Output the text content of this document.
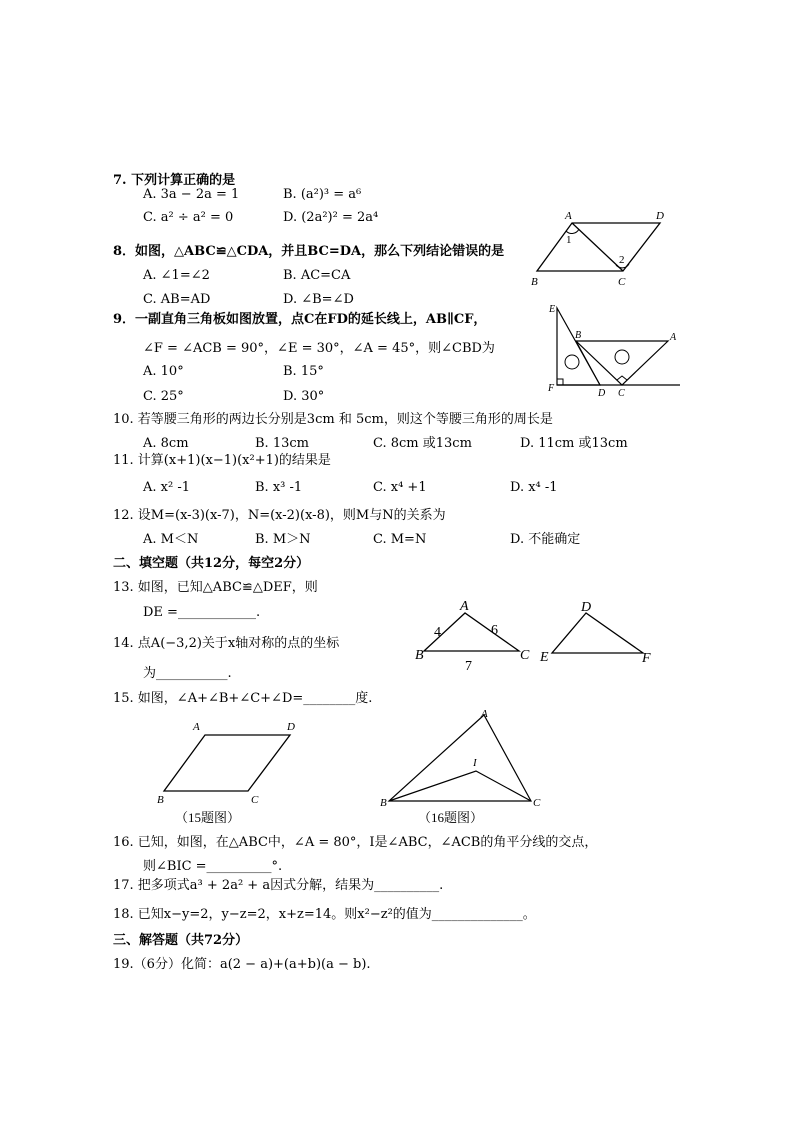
7. 下列计算正确的是
A. 3a − 2a = 1	B. (a²)³ = a⁶
C. a² ÷ a² = 0	D. (2a²)² = 2a⁴
8．如图，△ABC≌△CDA，并且BC=DA，那么下列结论错误的是
A. ∠1=∠2	B. AC=CA
C. AB=AD	D. ∠B=∠D
A	D
B	C
1
2
9．一副直角三角板如图放置，点C在FD的延长线上，AB∥CF，
∠F = ∠ACB = 90°，∠E = 30°，∠A = 45°，则∠CBD为
A. 10°	B. 15°
C. 25°	D. 30°
E
B	A
F	D C
10. 若等腰三角形的两边长分别是3cm 和 5cm，则这个等腰三角形的周长是
A. 8cm	B. 13cm	C. 8cm 或13cm	D. 11cm 或13cm
11. 计算(x+1)(x−1)(x²+1)的结果是
A. x² -1	B. x³ -1	C. x⁴ +1	D. x⁴ -1
12. 设M=(x-3)(x-7)，N=(x-2)(x-8)，则M与N的关系为
A. M＜N	B. M＞N	C. M=N	D. 不能确定
二、填空题（共12分，每空2分）
13. 如图，已知△ABC≌△DEF，则
DE =____________.	A
B	C
4	6
7
D
E	F
14. 点A(−3,2)关于x轴对称的点的坐标
为___________.
15. 如图，∠A+∠B+∠C+∠D=________度.
A	D
B	C
（15题图）
A
I
B	C
（16题图）
16. 已知，如图，在△ABC中，∠A = 80°，I是∠ABC，∠ACB的角平分线的交点，
则∠BIC =__________°.
17. 把多项式a³ + 2a² + a因式分解，结果为__________.
18. 已知x−y=2，y−z=2，x+z=14。则x²−z²的值为______________。
三、解答题（共72分）
19.（6分）化简：a(2 − a)+(a+b)(a − b).
